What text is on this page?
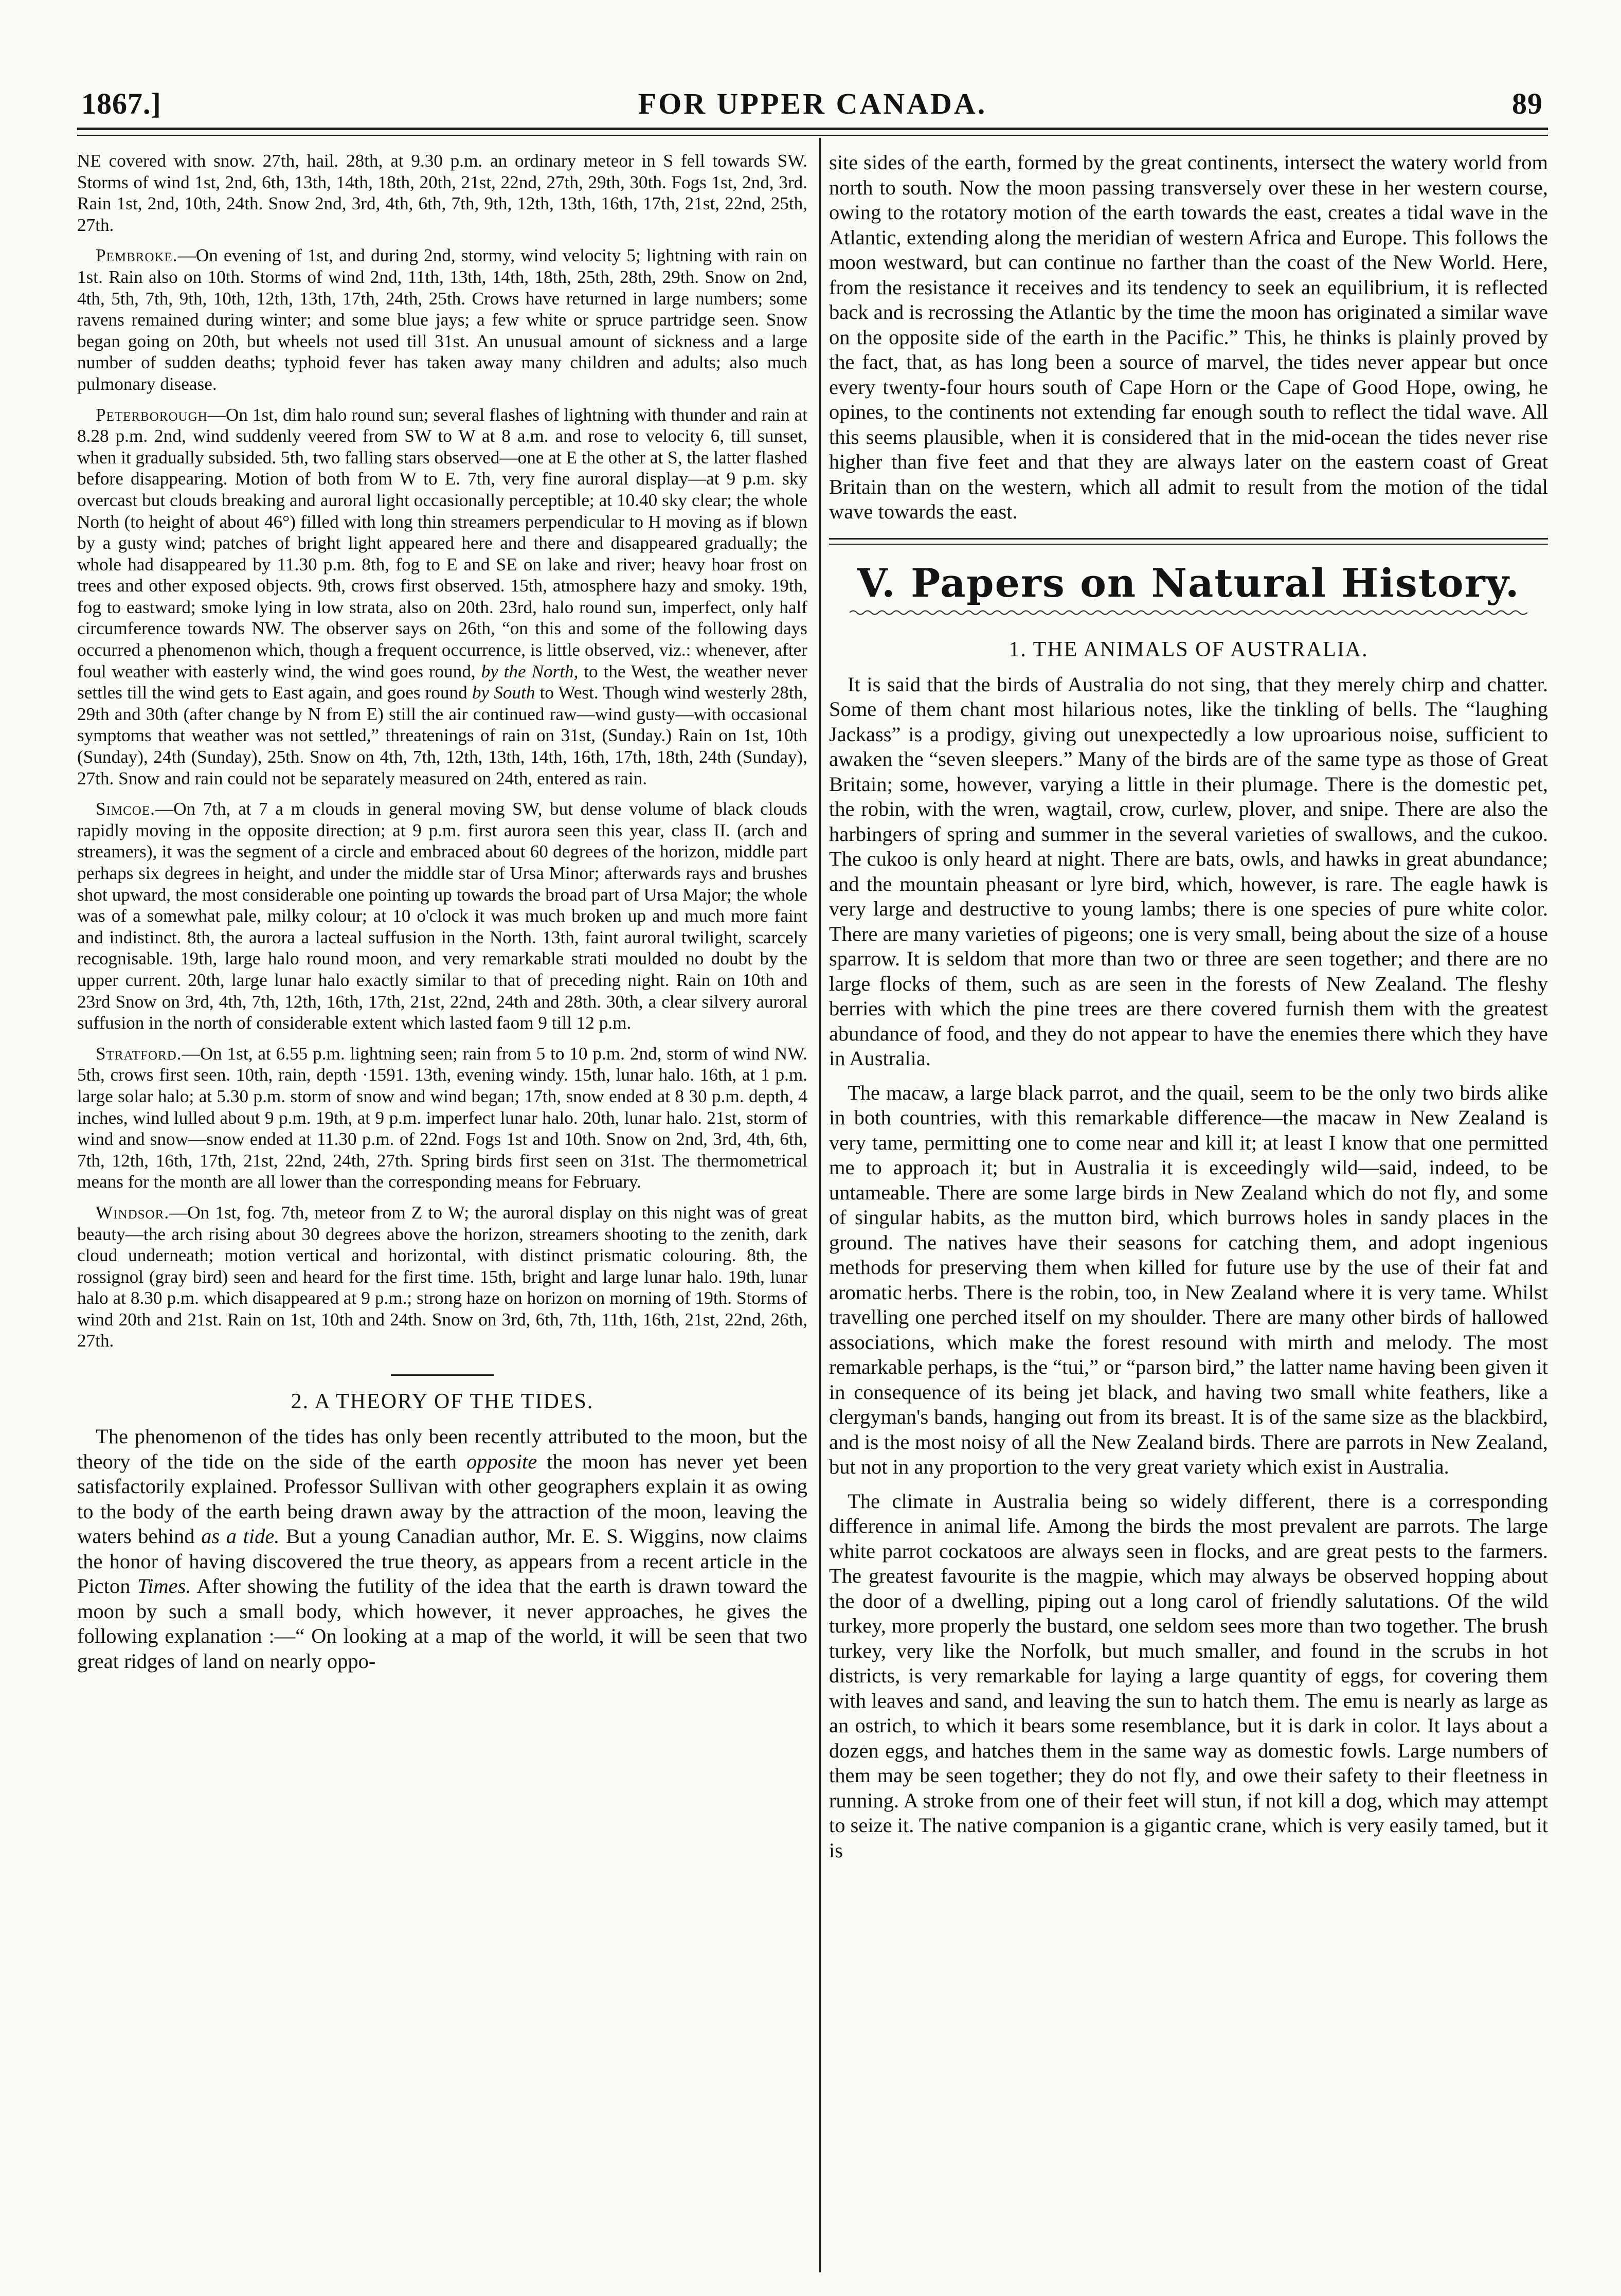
1867.]	FOR UPPER CANADA.	89

NE covered with snow. 27th, hail. 28th, at 9.30 p.m. an ordinary meteor in S fell towards SW. Storms of wind 1st, 2nd, 6th, 13th, 14th, 18th, 20th, 21st, 22nd, 27th, 29th, 30th. Fogs 1st, 2nd, 3rd. Rain 1st, 2nd, 10th, 24th. Snow 2nd, 3rd, 4th, 6th, 7th, 9th, 12th, 13th, 16th, 17th, 21st, 22nd, 25th, 27th.

Pembroke.—On evening of 1st, and during 2nd, stormy, wind velocity 5; lightning with rain on 1st. Rain also on 10th. Storms of wind 2nd, 11th, 13th, 14th, 18th, 25th, 28th, 29th. Snow on 2nd, 4th, 5th, 7th, 9th, 10th, 12th, 13th, 17th, 24th, 25th. Crows have returned in large numbers; some ravens remained during winter; and some blue jays; a few white or spruce partridge seen. Snow began going on 20th, but wheels not used till 31st. An unusual amount of sickness and a large number of sudden deaths; typhoid fever has taken away many children and adults; also much pulmonary disease.

Peterborough—On 1st, dim halo round sun; several flashes of lightning with thunder and rain at 8.28 p.m. 2nd, wind suddenly veered from SW to W at 8 a.m. and rose to velocity 6, till sunset, when it gradually subsided. 5th, two falling stars observed—one at E the other at S, the latter flashed before disappearing. Motion of both from W to E. 7th, very fine auroral display—at 9 p.m. sky overcast but clouds breaking and auroral light occasionally perceptible; at 10.40 sky clear; the whole North (to height of about 46°) filled with long thin streamers perpendicular to H moving as if blown by a gusty wind; patches of bright light appeared here and there and disappeared gradually; the whole had disappeared by 11.30 p.m. 8th, fog to E and SE on lake and river; heavy hoar frost on trees and other exposed objects. 9th, crows first observed. 15th, atmosphere hazy and smoky. 19th, fog to eastward; smoke lying in low strata, also on 20th. 23rd, halo round sun, imperfect, only half circumference towards NW. The observer says on 26th, “on this and some of the following days occurred a phenomenon which, though a frequent occurrence, is little observed, viz.: whenever, after foul weather with easterly wind, the wind goes round, by the North, to the West, the weather never settles till the wind gets to East again, and goes round by South to West. Though wind westerly 28th, 29th and 30th (after change by N from E) still the air continued raw—wind gusty—with occasional symptoms that weather was not settled,” threatenings of rain on 31st, (Sunday.) Rain on 1st, 10th (Sunday), 24th (Sunday), 25th. Snow on 4th, 7th, 12th, 13th, 14th, 16th, 17th, 18th, 24th (Sunday), 27th. Snow and rain could not be separately measured on 24th, entered as rain.

Simcoe.—On 7th, at 7 a m clouds in general moving SW, but dense volume of black clouds rapidly moving in the opposite direction; at 9 p.m. first aurora seen this year, class II. (arch and streamers), it was the segment of a circle and embraced about 60 degrees of the horizon, middle part perhaps six degrees in height, and under the middle star of Ursa Minor; afterwards rays and brushes shot upward, the most considerable one pointing up towards the broad part of Ursa Major; the whole was of a somewhat pale, milky colour; at 10 o'clock it was much broken up and much more faint and indistinct. 8th, the aurora a lacteal suffusion in the North. 13th, faint auroral twilight, scarcely recognisable. 19th, large halo round moon, and very remarkable strati moulded no doubt by the upper current. 20th, large lunar halo exactly similar to that of preceding night. Rain on 10th and 23rd Snow on 3rd, 4th, 7th, 12th, 16th, 17th, 21st, 22nd, 24th and 28th. 30th, a clear silvery auroral suffusion in the north of considerable extent which lasted faom 9 till 12 p.m.

Stratford.—On 1st, at 6.55 p.m. lightning seen; rain from 5 to 10 p.m. 2nd, storm of wind NW. 5th, crows first seen. 10th, rain, depth ·1591. 13th, evening windy. 15th, lunar halo. 16th, at 1 p.m. large solar halo; at 5.30 p.m. storm of snow and wind began; 17th, snow ended at 8 30 p.m. depth, 4 inches, wind lulled about 9 p.m. 19th, at 9 p.m. imperfect lunar halo. 20th, lunar halo. 21st, storm of wind and snow—snow ended at 11.30 p.m. of 22nd. Fogs 1st and 10th. Snow on 2nd, 3rd, 4th, 6th, 7th, 12th, 16th, 17th, 21st, 22nd, 24th, 27th. Spring birds first seen on 31st. The thermometrical means for the month are all lower than the corresponding means for February.

Windsor.—On 1st, fog. 7th, meteor from Z to W; the auroral display on this night was of great beauty—the arch rising about 30 degrees above the horizon, streamers shooting to the zenith, dark cloud underneath; motion vertical and horizontal, with distinct prismatic colouring. 8th, the rossignol (gray bird) seen and heard for the first time. 15th, bright and large lunar halo. 19th, lunar halo at 8.30 p.m. which disappeared at 9 p.m.; strong haze on horizon on morning of 19th. Storms of wind 20th and 21st. Rain on 1st, 10th and 24th. Snow on 3rd, 6th, 7th, 11th, 16th, 21st, 22nd, 26th, 27th.

2. A THEORY OF THE TIDES.

The phenomenon of the tides has only been recently attributed to the moon, but the theory of the tide on the side of the earth opposite the moon has never yet been satisfactorily explained. Professor Sullivan with other geographers explain it as owing to the body of the earth being drawn away by the attraction of the moon, leaving the waters behind as a tide. But a young Canadian author, Mr. E. S. Wiggins, now claims the honor of having discovered the true theory, as appears from a recent article in the Picton Times. After showing the futility of the idea that the earth is drawn toward the moon by such a small body, which however, it never approaches, he gives the following explanation :—“ On looking at a map of the world, it will be seen that two great ridges of land on nearly oppo-

site sides of the earth, formed by the great continents, intersect the watery world from north to south. Now the moon passing transversely over these in her western course, owing to the rotatory motion of the earth towards the east, creates a tidal wave in the Atlantic, extending along the meridian of western Africa and Europe. This follows the moon westward, but can continue no farther than the coast of the New World. Here, from the resistance it receives and its tendency to seek an equilibrium, it is reflected back and is recrossing the Atlantic by the time the moon has originated a similar wave on the opposite side of the earth in the Pacific.” This, he thinks is plainly proved by the fact, that, as has long been a source of marvel, the tides never appear but once every twenty-four hours south of Cape Horn or the Cape of Good Hope, owing, he opines, to the continents not extending far enough south to reflect the tidal wave. All this seems plausible, when it is considered that in the mid-ocean the tides never rise higher than five feet and that they are always later on the eastern coast of Great Britain than on the western, which all admit to result from the motion of the tidal wave towards the east.

V. Papers on Natural History.
1. THE ANIMALS OF AUSTRALIA.

It is said that the birds of Australia do not sing, that they merely chirp and chatter. Some of them chant most hilarious notes, like the tinkling of bells. The “laughing Jackass” is a prodigy, giving out unexpectedly a low uproarious noise, sufficient to awaken the “seven sleepers.” Many of the birds are of the same type as those of Great Britain; some, however, varying a little in their plumage. There is the domestic pet, the robin, with the wren, wagtail, crow, curlew, plover, and snipe. There are also the harbingers of spring and summer in the several varieties of swallows, and the cukoo. The cukoo is only heard at night. There are bats, owls, and hawks in great abundance; and the mountain pheasant or lyre bird, which, however, is rare. The eagle hawk is very large and destructive to young lambs; there is one species of pure white color. There are many varieties of pigeons; one is very small, being about the size of a house sparrow. It is seldom that more than two or three are seen together; and there are no large flocks of them, such as are seen in the forests of New Zealand. The fleshy berries with which the pine trees are there covered furnish them with the greatest abundance of food, and they do not appear to have the enemies there which they have in Australia.

The macaw, a large black parrot, and the quail, seem to be the only two birds alike in both countries, with this remarkable difference—the macaw in New Zealand is very tame, permitting one to come near and kill it; at least I know that one permitted me to approach it; but in Australia it is exceedingly wild—said, indeed, to be untameable. There are some large birds in New Zealand which do not fly, and some of singular habits, as the mutton bird, which burrows holes in sandy places in the ground. The natives have their seasons for catching them, and adopt ingenious methods for preserving them when killed for future use by the use of their fat and aromatic herbs. There is the robin, too, in New Zealand where it is very tame. Whilst travelling one perched itself on my shoulder. There are many other birds of hallowed associations, which make the forest resound with mirth and melody. The most remarkable perhaps, is the “tui,” or “parson bird,” the latter name having been given it in consequence of its being jet black, and having two small white feathers, like a clergyman's bands, hanging out from its breast. It is of the same size as the blackbird, and is the most noisy of all the New Zealand birds. There are parrots in New Zealand, but not in any proportion to the very great variety which exist in Australia.

The climate in Australia being so widely different, there is a corresponding difference in animal life. Among the birds the most prevalent are parrots. The large white parrot cockatoos are always seen in flocks, and are great pests to the farmers. The greatest favourite is the magpie, which may always be observed hopping about the door of a dwelling, piping out a long carol of friendly salutations. Of the wild turkey, more properly the bustard, one seldom sees more than two together. The brush turkey, very like the Norfolk, but much smaller, and found in the scrubs in hot districts, is very remarkable for laying a large quantity of eggs, for covering them with leaves and sand, and leaving the sun to hatch them. The emu is nearly as large as an ostrich, to which it bears some resemblance, but it is dark in color. It lays about a dozen eggs, and hatches them in the same way as domestic fowls. Large numbers of them may be seen together; they do not fly, and owe their safety to their fleetness in running. A stroke from one of their feet will stun, if not kill a dog, which may attempt to seize it. The native companion is a gigantic crane, which is very easily tamed, but it is
